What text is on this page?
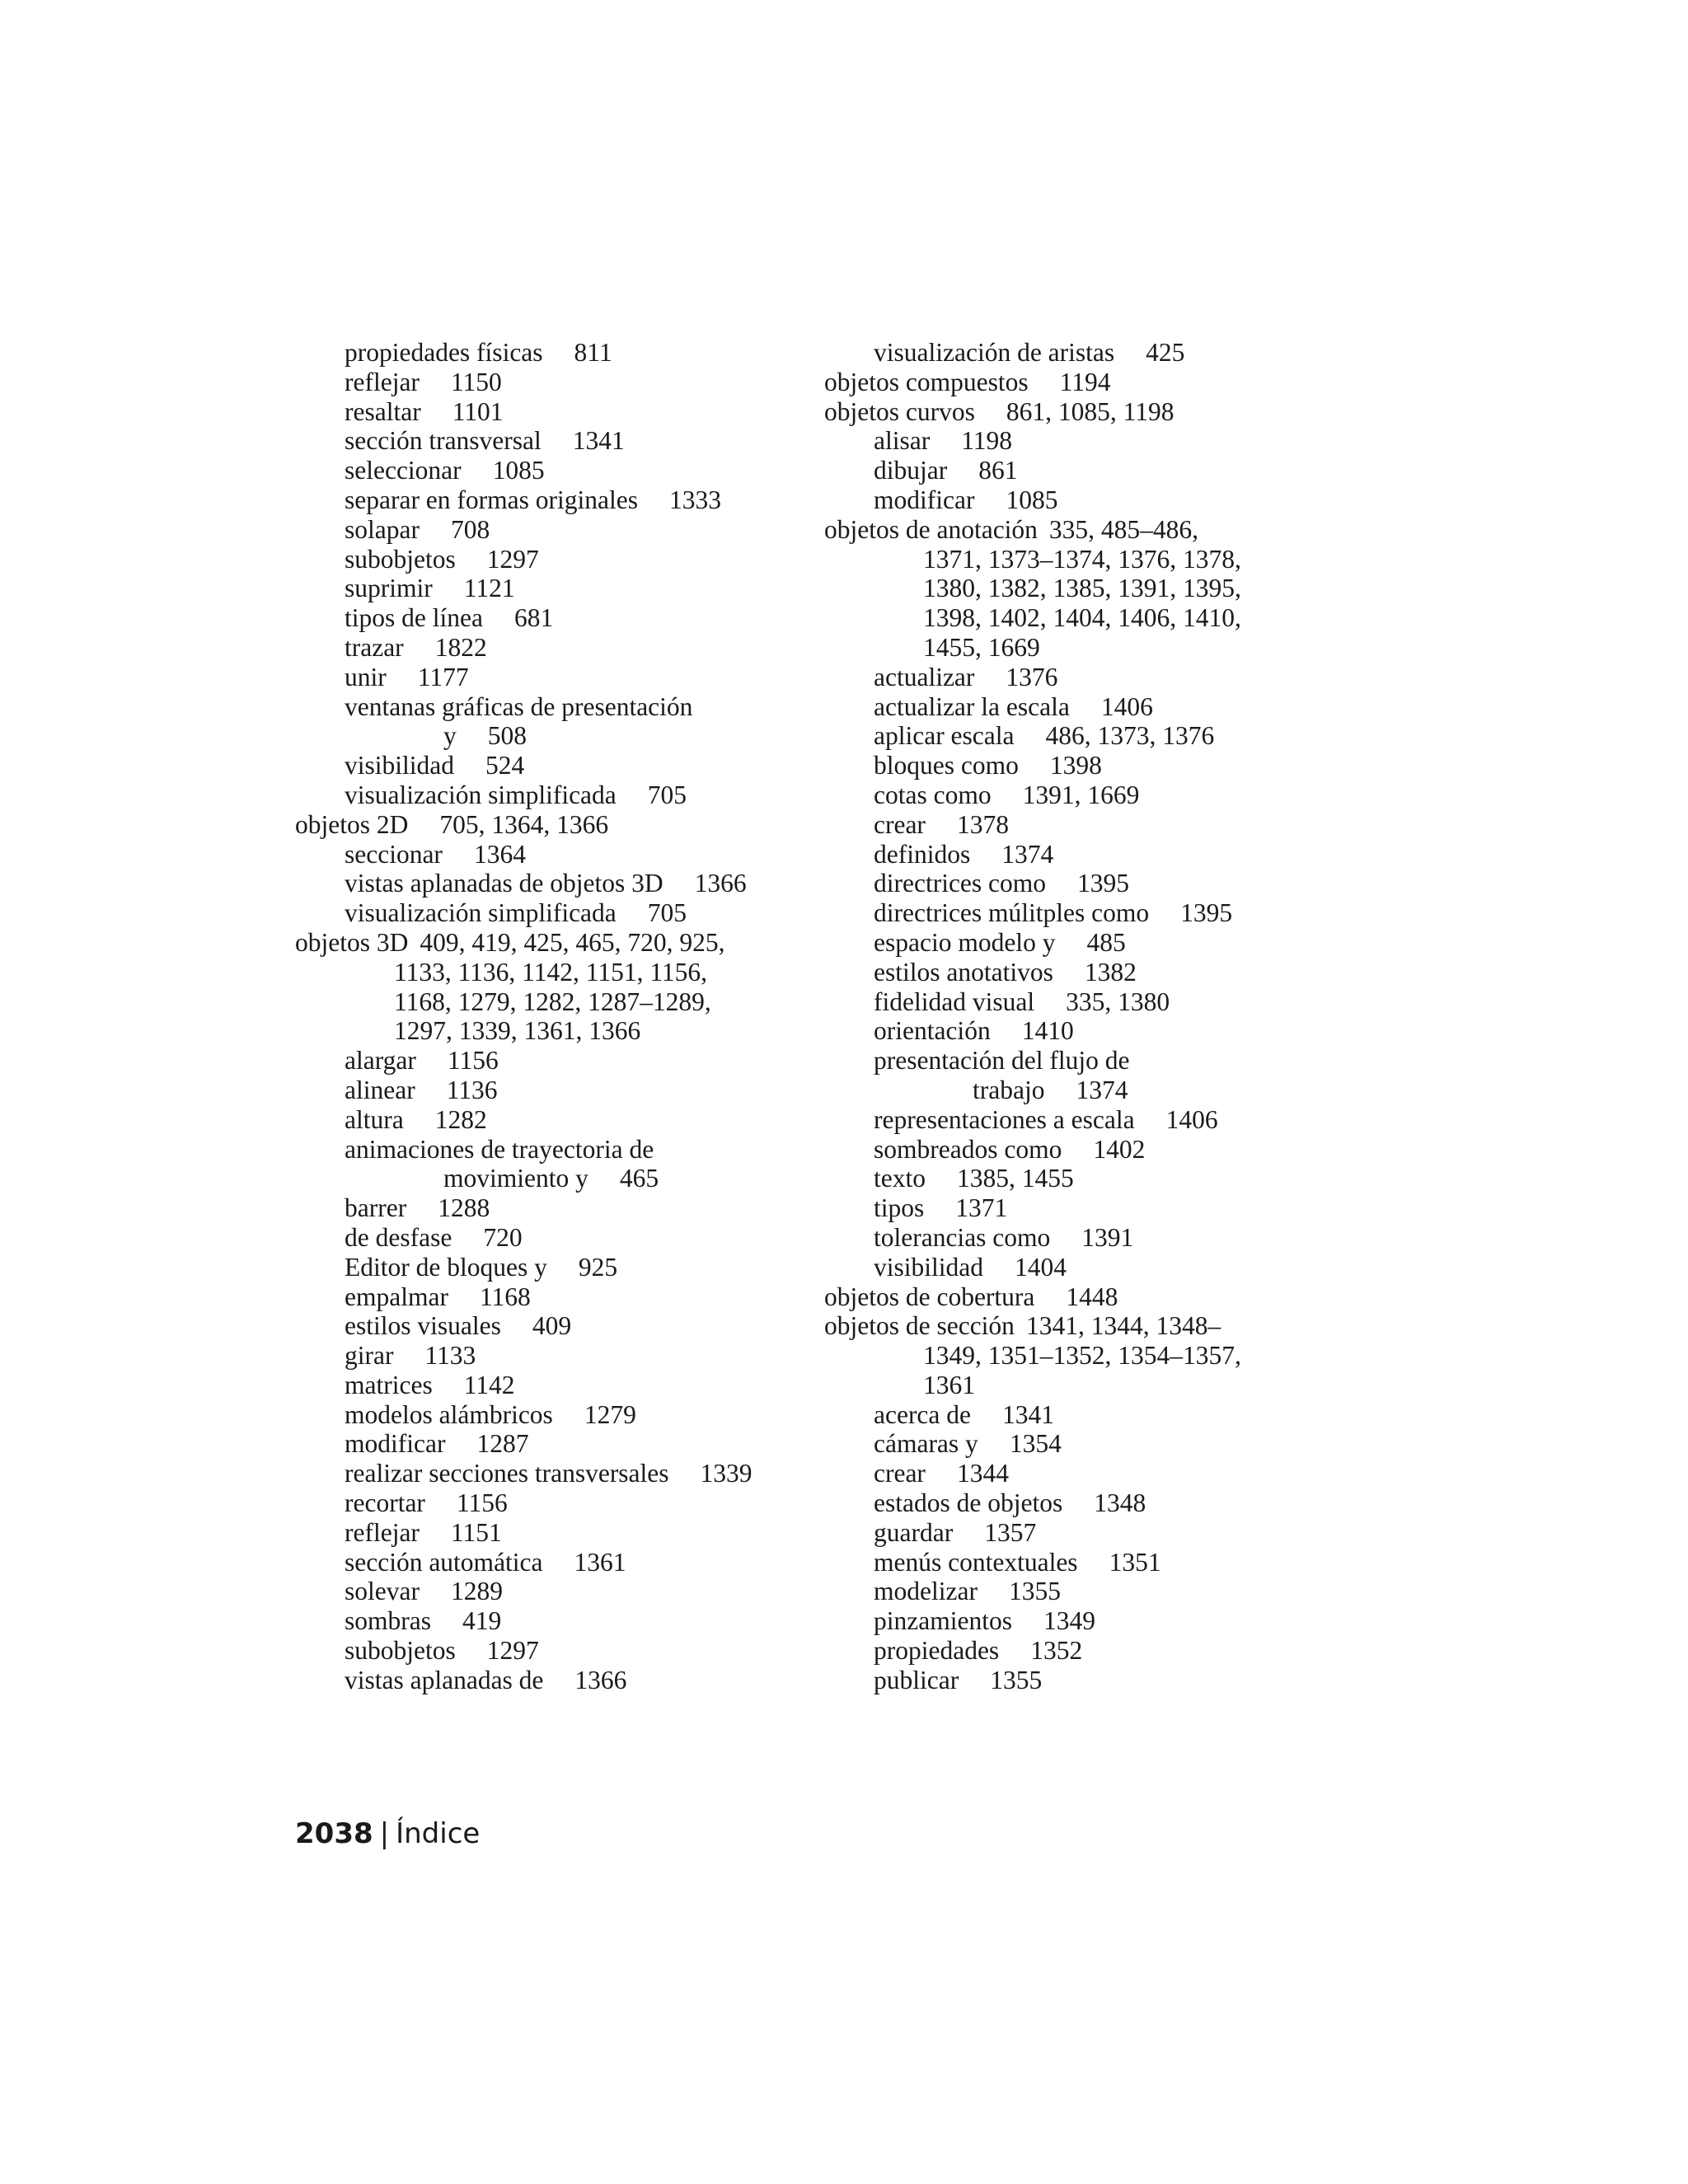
propiedades físicas 811
reflejar 1150
resaltar 1101
sección transversal 1341
seleccionar 1085
separar en formas originales 1333
solapar 708
subobjetos 1297
suprimir 1121
tipos de línea 681
trazar 1822
unir 1177
ventanas gráficas de presentación
y 508
visibilidad 524
visualización simplificada 705
objetos 2D 705, 1364, 1366
seccionar 1364
vistas aplanadas de objetos 3D 1366
visualización simplificada 705
objetos 3D 409, 419, 425, 465, 720, 925,
1133, 1136, 1142, 1151, 1156,
1168, 1279, 1282, 1287–1289,
1297, 1339, 1361, 1366
alargar 1156
alinear 1136
altura 1282
animaciones de trayectoria de
movimiento y 465
barrer 1288
de desfase 720
Editor de bloques y 925
empalmar 1168
estilos visuales 409
girar 1133
matrices 1142
modelos alámbricos 1279
modificar 1287
realizar secciones transversales 1339
recortar 1156
reflejar 1151
sección automática 1361
solevar 1289
sombras 419
subobjetos 1297
vistas aplanadas de 1366
visualización de aristas 425
objetos compuestos 1194
objetos curvos 861, 1085, 1198
alisar 1198
dibujar 861
modificar 1085
objetos de anotación 335, 485–486,
1371, 1373–1374, 1376, 1378,
1380, 1382, 1385, 1391, 1395,
1398, 1402, 1404, 1406, 1410,
1455, 1669
actualizar 1376
actualizar la escala 1406
aplicar escala 486, 1373, 1376
bloques como 1398
cotas como 1391, 1669
crear 1378
definidos 1374
directrices como 1395
directrices múlitples como 1395
espacio modelo y 485
estilos anotativos 1382
fidelidad visual 335, 1380
orientación 1410
presentación del flujo de
trabajo 1374
representaciones a escala 1406
sombreados como 1402
texto 1385, 1455
tipos 1371
tolerancias como 1391
visibilidad 1404
objetos de cobertura 1448
objetos de sección 1341, 1344, 1348–
1349, 1351–1352, 1354–1357,
1361
acerca de 1341
cámaras y 1354
crear 1344
estados de objetos 1348
guardar 1357
menús contextuales 1351
modelizar 1355
pinzamientos 1349
propiedades 1352
publicar 1355
2038 | Índice
